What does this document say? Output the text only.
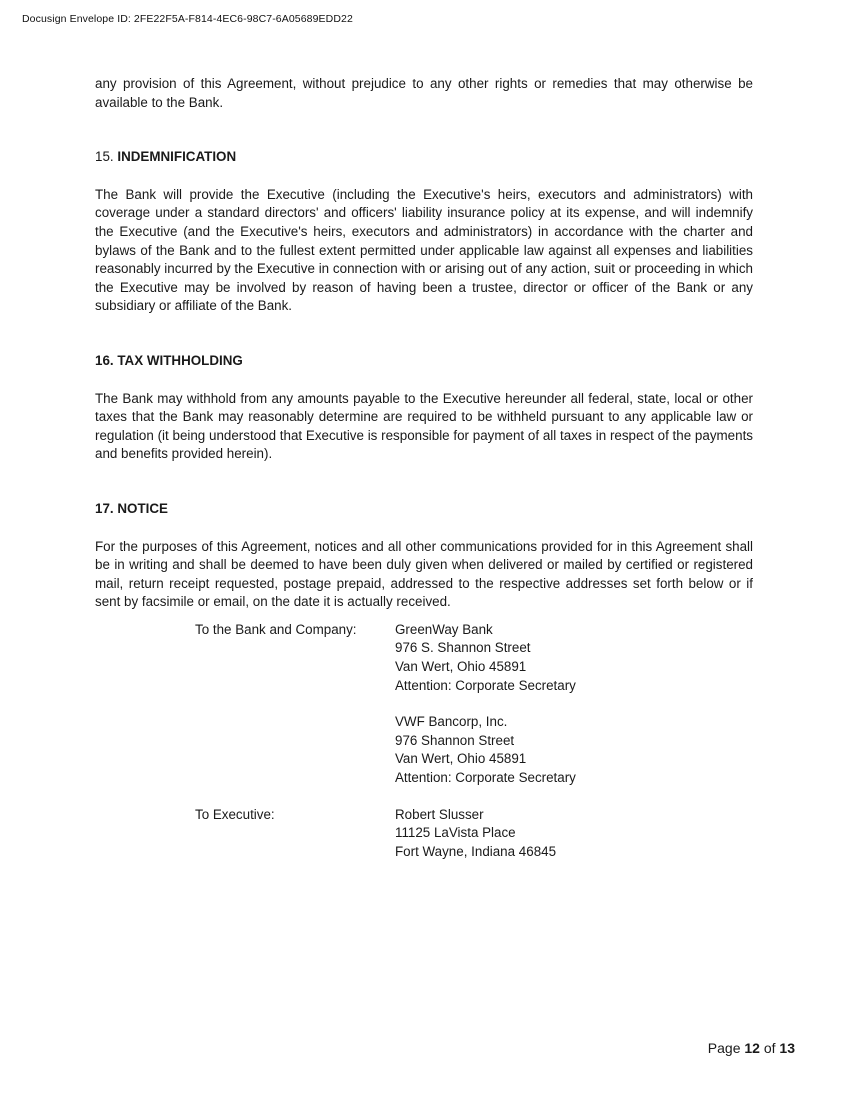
Docusign Envelope ID: 2FE22F5A-F814-4EC6-98C7-6A05689EDD22

any provision of this Agreement, without prejudice to any other rights or remedies that may otherwise be available to the Bank.

15. INDEMNIFICATION

The Bank will provide the Executive (including the Executive's heirs, executors and administrators) with coverage under a standard directors' and officers' liability insurance policy at its expense, and will indemnify the Executive (and the Executive's heirs, executors and administrators) in accordance with the charter and bylaws of the Bank and to the fullest extent permitted under applicable law against all expenses and liabilities reasonably incurred by the Executive in connection with or arising out of any action, suit or proceeding in which the Executive may be involved by reason of having been a trustee, director or officer of the Bank or any subsidiary or affiliate of the Bank.

16. TAX WITHHOLDING

The Bank may withhold from any amounts payable to the Executive hereunder all federal, state, local or other taxes that the Bank may reasonably determine are required to be withheld pursuant to any applicable law or regulation (it being understood that Executive is responsible for payment of all taxes in respect of the payments and benefits provided herein).

17. NOTICE

For the purposes of this Agreement, notices and all other communications provided for in this Agreement shall be in writing and shall be deemed to have been duly given when delivered or mailed by certified or registered mail, return receipt requested, postage prepaid, addressed to the respective addresses set forth below or if sent by facsimile or email, on the date it is actually received.

To the Bank and Company:	GreenWay Bank
976 S. Shannon Street
Van Wert, Ohio 45891
Attention: Corporate Secretary
VWF Bancorp, Inc.
976 Shannon Street
Van Wert, Ohio 45891
Attention: Corporate Secretary
To Executive:	Robert Slusser
11125 LaVista Place
Fort Wayne, Indiana 46845
Page 12 of 13
